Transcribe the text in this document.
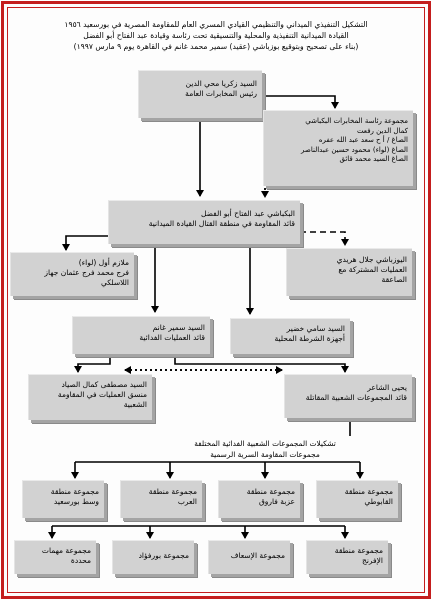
التشكيل التنفيذي الميداني والتنظيمي القيادي المسري العام للمقاومة المصرية في بورسعيد ١٩٥٦
القيادة الميدانية التنفيذية والمحلية والتنسيقية تحت رئاسة وقيادة عبد الفتاح أبو الفضل
(بناء على تصحيح وبتوقيع بوزباشي (عقيد) سمير محمد غانم في القاهرة يوم ٩ مارس ١٩٩٧)
السيد زكريا محي الدين
رئيس المخابرات العامة
مجموعة رئاسة المخابرات البكباشي
كمال الدين رفعت
الصاغ / أ ح سعد عبد الله عفره
الصاغ (لواء) محمود حسين عبدالناصر
الصاغ السيد محمد قائق
البكباشي عبد الفتاح أبو الفضل
قائد المقاومة في منطقة القتال القيادة الميدانية
ملازم أول (لواء)
فرج محمد فرج عثمان جهاز
اللاسلكي
اليوزباشي جلال هريدي
العمليات المشتركة مع
الصاعقة
السيد سمير غانم
قائد العمليات الفدائية
السيد سامي خضير
أجهزة الشرطة المحلية
السيد مصطفى كمال الصياد
منسق العمليات في المقاومة
الشعبية
يحيى الشاعر
قائد المجموعات الشعبية المقاتلة
تشكيلات المجموعات الشعبية الفدائية المختلفة
مجموعات المقاومة السرية الرسمية
مجموعة منطقة
وسط بورسعيد
مجموعة منطقة
العرب
مجموعة منطقة
عزبة فاروق
مجموعة منطقة
القابوطي
مجموعة مهمات
محددة
مجموعة بورفؤاد	مجموعة الإسعاف
مجموعة منطقة
الإفرنج
